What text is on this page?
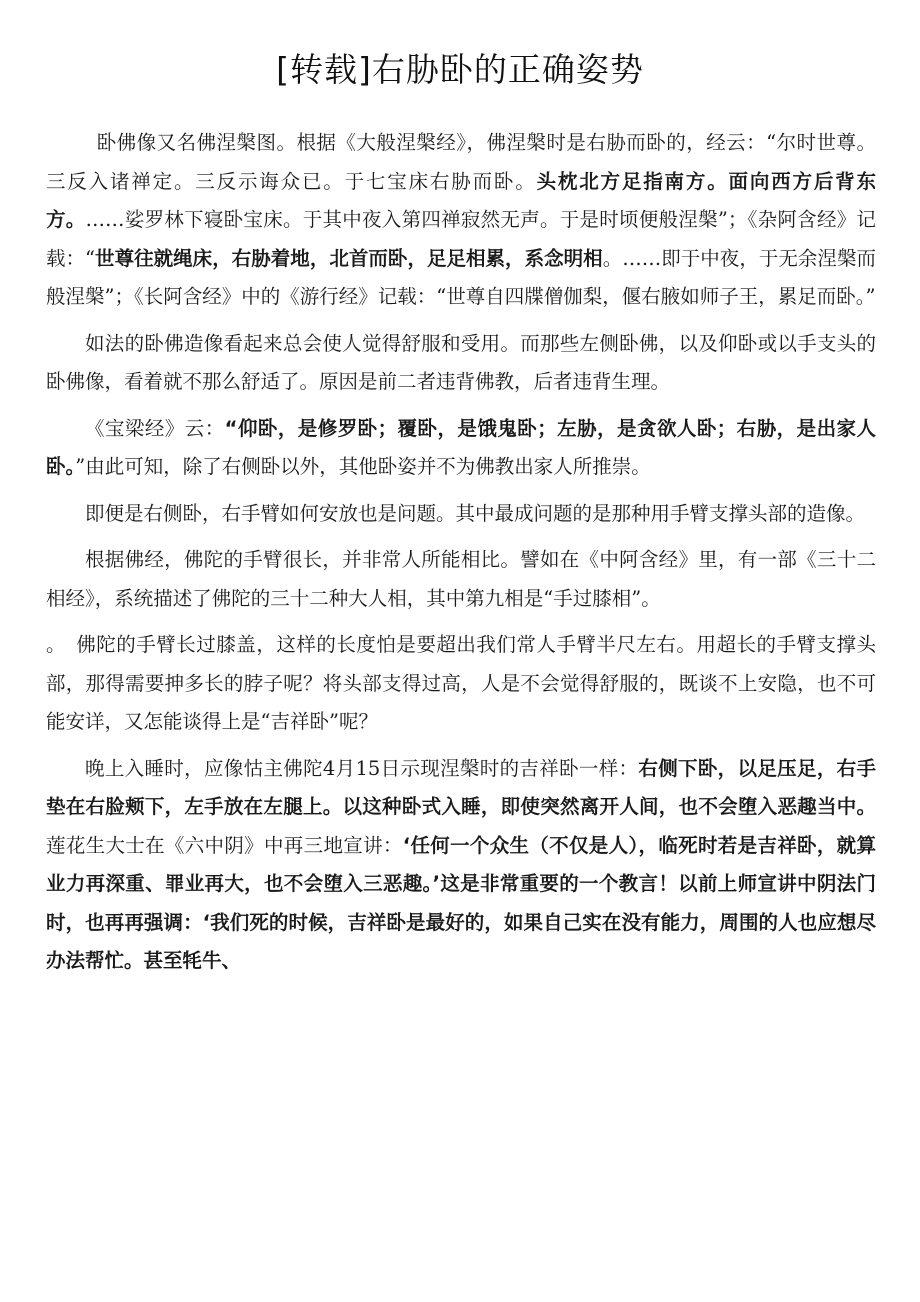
[转载]右胁卧的正确姿势

卧佛像又名佛涅槃图。根据《大般涅槃经》，佛涅槃时是右胁而卧的，经云：“尔时世尊。三反入诸禅定。三反示诲众已。于七宝床右胁而卧。头枕北方足指南方。面向西方后背东方。……娑罗林下寝卧宝床。于其中夜入第四禅寂然无声。于是时顷便般涅槃”；《杂阿含经》记载：“世尊往就绳床，右胁着地，北首而卧，足足相累，系念明相。……即于中夜，于无余涅槃而般涅槃”；《长阿含经》中的《游行经》记载：“世尊自四牒僧伽梨，偃右腋如师子王，累足而卧。”

如法的卧佛造像看起来总会使人觉得舒服和受用。而那些左侧卧佛，以及仰卧或以手支头的卧佛像，看着就不那么舒适了。原因是前二者违背佛教，后者违背生理。

《宝梁经》云：“仰卧，是修罗卧；覆卧，是饿鬼卧；左胁，是贪欲人卧；右胁，是出家人卧。”由此可知，除了右侧卧以外，其他卧姿并不为佛教出家人所推崇。

即便是右侧卧，右手臂如何安放也是问题。其中最成问题的是那种用手臂支撑头部的造像。

根据佛经，佛陀的手臂很长，并非常人所能相比。譬如在《中阿含经》里，有一部《三十二相经》，系统描述了佛陀的三十二种大人相，其中第九相是“手过膝相”。

。　佛陀的手臂长过膝盖，这样的长度怕是要超出我们常人手臂半尺左右。用超长的手臂支撑头部，那得需要抻多长的脖子呢？将头部支得过高，人是不会觉得舒服的，既谈不上安隐，也不可能安详，又怎能谈得上是“吉祥卧”呢？

晚上入睡时，应像怙主佛陀4月15日示现涅槃时的吉祥卧一样：右侧下卧，以足压足，右手垫在右脸颊下，左手放在左腿上。以这种卧式入睡，即使突然离开人间，也不会堕入恶趣当中。莲花生大士在《六中阴》中再三地宣讲：‘任何一个众生（不仅是人），临死时若是吉祥卧，就算业力再深重、罪业再大，也不会堕入三恶趣。’这是非常重要的一个教言！以前上师宣讲中阴法门时，也再再强调：‘我们死的时候，吉祥卧是最好的，如果自己实在没有能力，周围的人也应想尽办法帮忙。甚至牦牛、
